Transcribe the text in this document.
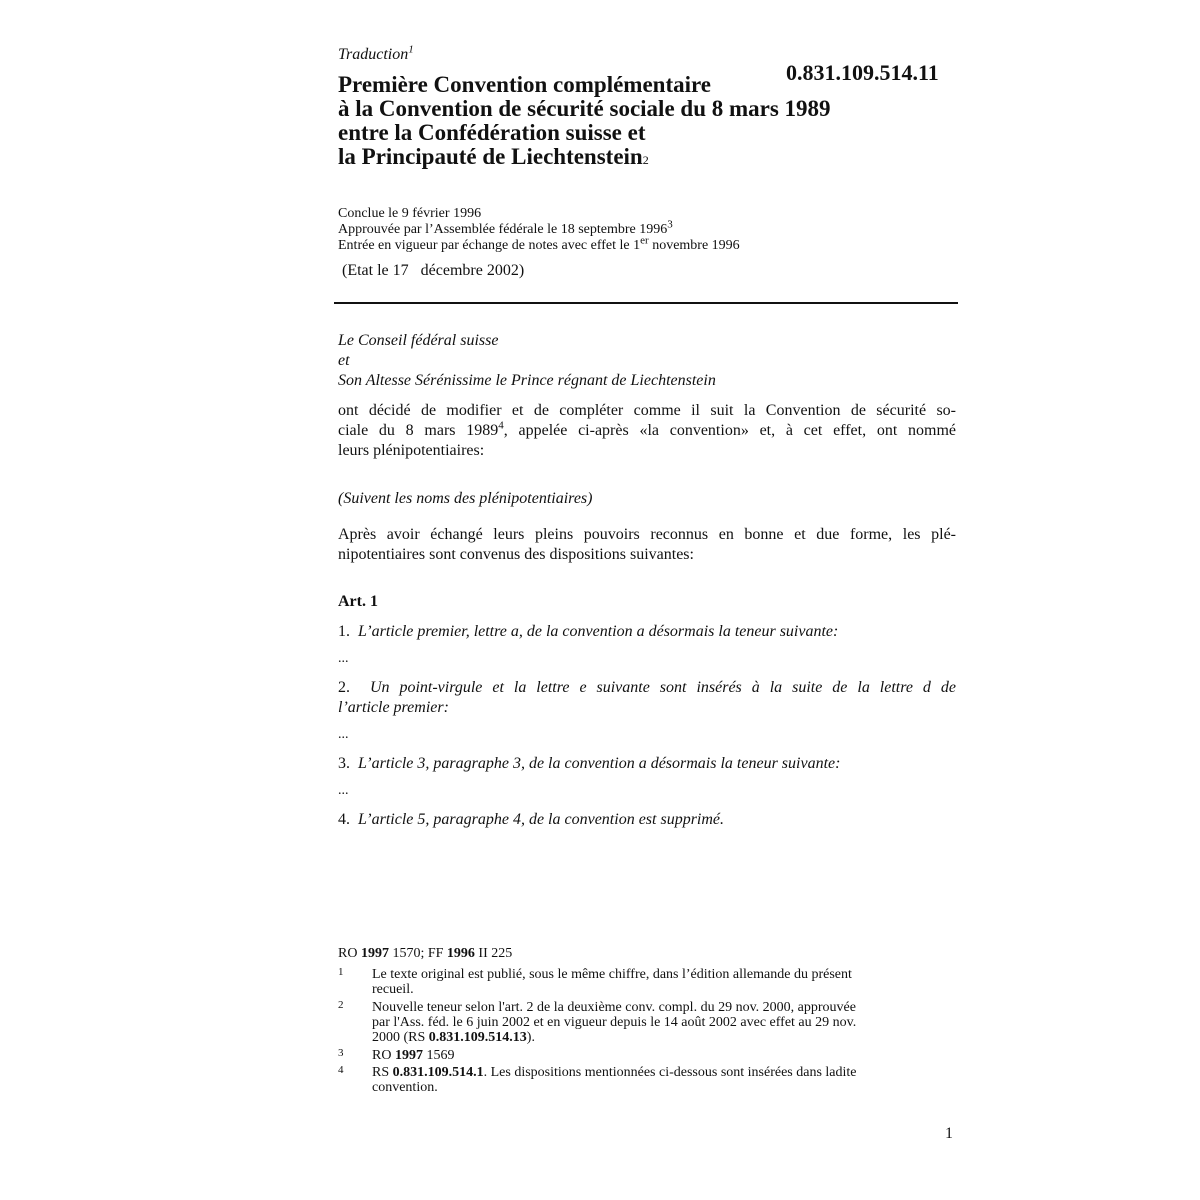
Traduction$^1$
0.831.109.514.11
Première Convention complémentaire
à la Convention de sécurité sociale du 8 mars 1989
entre la Confédération suisse et
la Principauté de Liechtenstein2
Conclue le 9 février 1996
Approuvée par l’Assemblée fédérale le 18 septembre 1996$^3$
Entrée en vigueur par échange de notes avec effet le 1er novembre 1996
(Etat le 17   décembre 2002)
Le Conseil fédéral suisse
et
Son Altesse Sérénissime le Prince régnant de Liechtenstein
ont décidé de modifier et de compléter comme il suit la Convention de sécurité so-
ciale du 8 mars 1989$^4$, appelée ci-après «la convention» et, à cet effet, ont nommé
leurs plénipotentiaires:
(Suivent les noms des plénipotentiaires)
Après avoir échangé leurs pleins pouvoirs reconnus en bonne et due forme, les plé-
nipotentiaires sont convenus des dispositions suivantes:
Art. 1
1. L’article premier, lettre a, de la convention a désormais la teneur suivante:
...
2. Un point-virgule et la lettre e suivante sont insérés à la suite de la lettre d de
l’article premier:
...
3. L’article 3, paragraphe 3, de la convention a désormais la teneur suivante:
...
4. L’article 5, paragraphe 4, de la convention est supprimé.
RO 1997 1570; FF 1996 II 225
1 Le texte original est publié, sous le même chiffre, dans l’édition allemande du présent
recueil.
2 Nouvelle teneur selon l'art. 2 de la deuxième conv. compl. du 29 nov. 2000, approuvée
par l'Ass. féd. le 6 juin 2002 et en vigueur depuis le 14 août 2002 avec effet au 29 nov.
2000 (RS 0.831.109.514.13).
3 RO 1997 1569
4 RS 0.831.109.514.1. Les dispositions mentionnées ci-dessous sont insérées dans ladite
convention.
1
